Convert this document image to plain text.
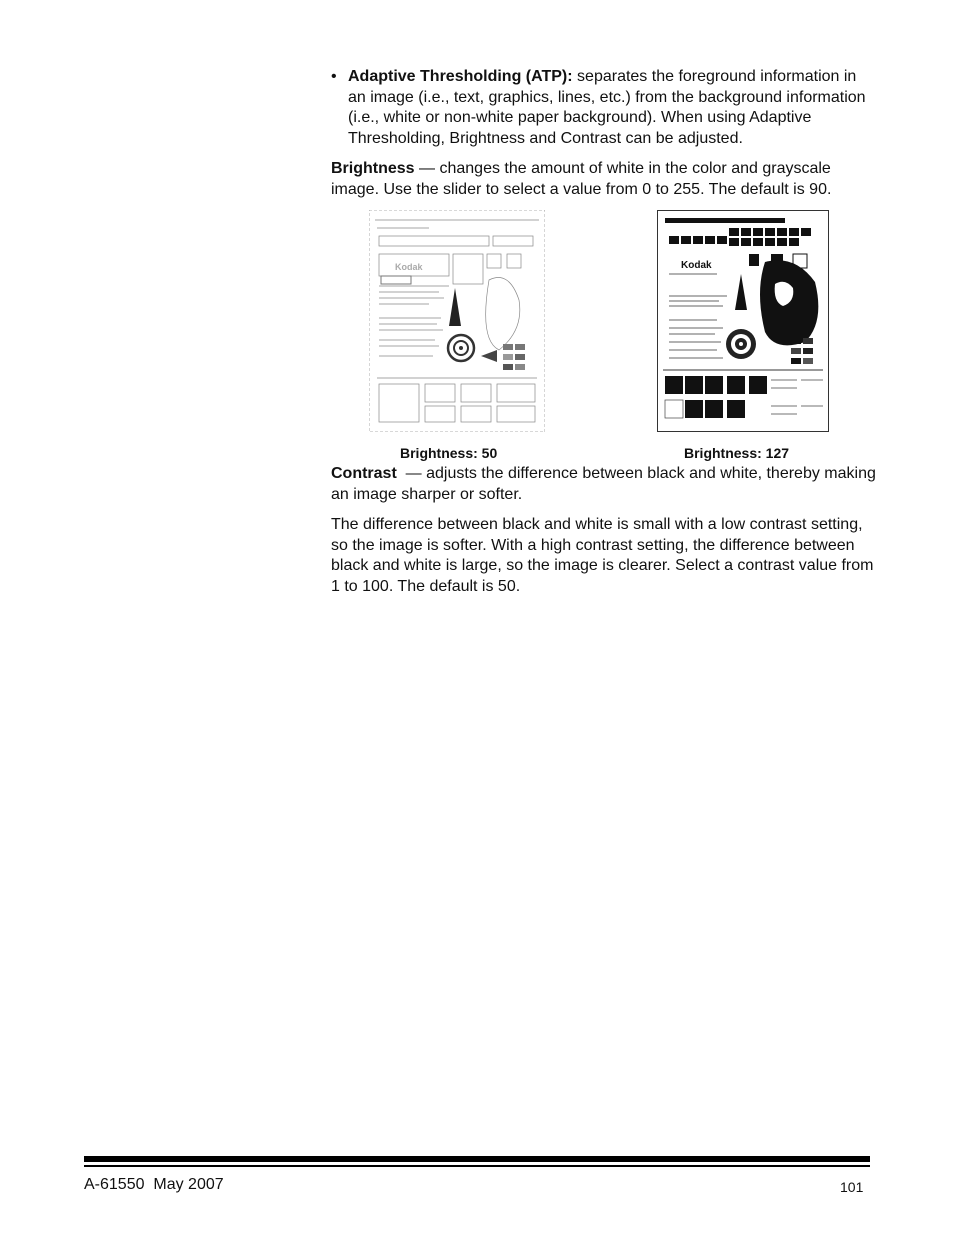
• Adaptive Thresholding (ATP): separates the foreground information in an image (i.e., text, graphics, lines, etc.) from the background information (i.e., white or non-white paper background). When using Adaptive Thresholding, Brightness and Contrast can be adjusted.

Brightness — changes the amount of white in the color and grayscale image. Use the slider to select a value from 0 to 255. The default is 90.

Kodak	Kodak
Brightness: 50	Brightness: 127

Contrast  — adjusts the difference between black and white, thereby making an image sharper or softer.

The difference between black and white is small with a low contrast setting, so the image is softer. With a high contrast setting, the difference between black and white is large, so the image is clearer. Select a contrast value from 1 to 100. The default is 50.

A-61550  May 2007	101
